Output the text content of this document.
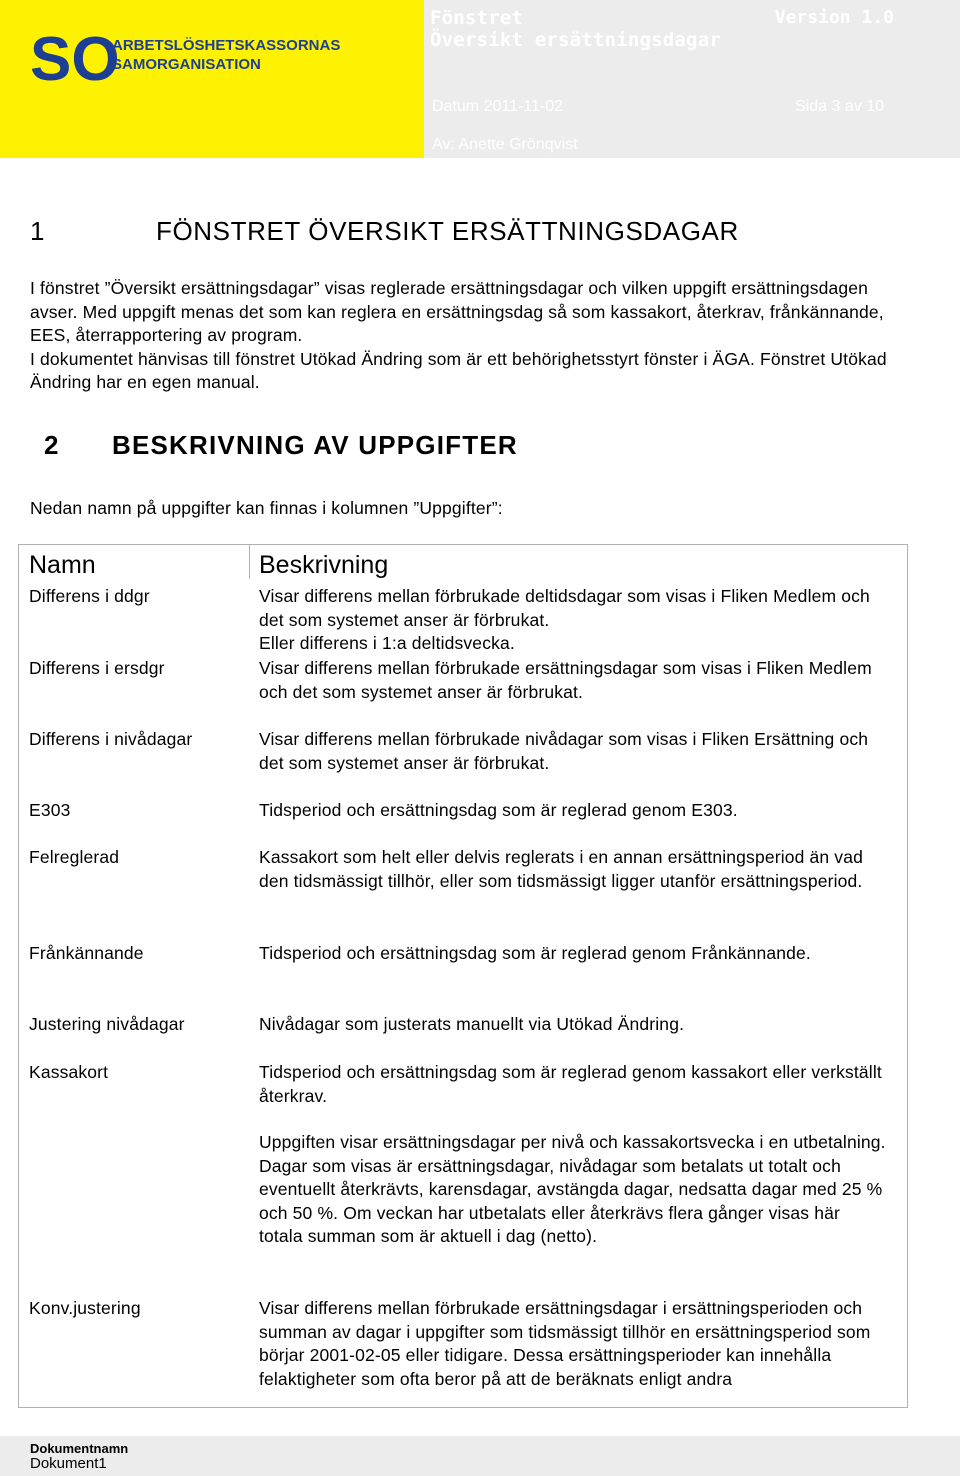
SO
ARBETSLÖSHETSKASSORNAS
SAMORGANISATION
Fönstret
Översikt ersättningsdagar
Version 1.0
Datum 2011-11-02	Sida 3 av 10
Av: Anette Grönqvist
1	FÖNSTRET ÖVERSIKT ERSÄTTNINGSDAGAR

I fönstret ”Översikt ersättningsdagar” visas reglerade ersättningsdagar och vilken uppgift ersättningsdagen avser. Med uppgift menas det som kan reglera en ersättningsdag så som kassakort, återkrav, frånkännande, EES, återrapportering av program.

I dokumentet hänvisas till fönstret Utökad Ändring som är ett behörighetsstyrt fönster i ÄGA. Fönstret Utökad Ändring har en egen manual.

2 BESKRIVNING AV UPPGIFTER
Nedan namn på uppgifter kan finnas i kolumnen ”Uppgifter”:
Namn	Beskrivning
Differens i ddgr	Visar differens mellan förbrukade deltidsdagar som visas i Fliken Medlem och det som systemet anser är förbrukat.
Eller differens i 1:a deltidsvecka.

Differens i ersdgr	Visar differens mellan förbrukade ersättningsdagar som visas i Fliken Medlem och det som systemet anser är förbrukat.
Differens i nivådagar	Visar differens mellan förbrukade nivådagar som visas i Fliken Ersättning och det som systemet anser är förbrukat.
E303	Tidsperiod och ersättningsdag som är reglerad genom E303.
Felreglerad	Kassakort som helt eller delvis reglerats i en annan ersättningsperiod än vad den tidsmässigt tillhör, eller som tidsmässigt ligger utanför ersättningsperiod.
Frånkännande	Tidsperiod och ersättningsdag som är reglerad genom Frånkännande.
Justering nivådagar	Nivådagar som justerats manuellt via Utökad Ändring.
Kassakort	Tidsperiod och ersättningsdag som är reglerad genom kassakort eller verkställt återkrav.
Uppgiften visar ersättningsdagar per nivå och kassakortsvecka i en utbetalning. Dagar som visas är ersättningsdagar, nivådagar som betalats ut totalt och eventuellt återkrävts, karensdagar, avstängda dagar, nedsatta dagar med 25 % och 50 %. Om veckan har utbetalats eller återkrävs flera gånger visas här totala summan som är aktuell i dag (netto).

Konv.justering	Visar differens mellan förbrukade ersättningsdagar i ersättningsperioden och summan av dagar i uppgifter som tidsmässigt tillhör en ersättningsperiod som börjar 2001-02-05 eller tidigare. Dessa ersättningsperioder kan innehålla felaktigheter som ofta beror på att de beräknats enligt andra
Dokumentnamn
Dokument1
